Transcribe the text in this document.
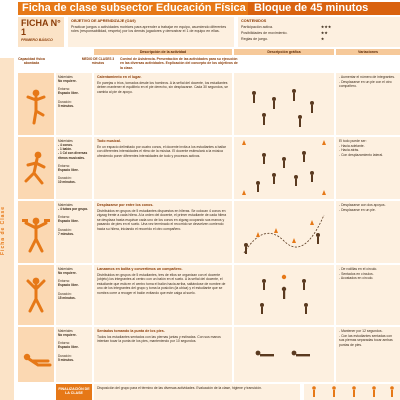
Ficha de clase subsector Educación Física Bloque de 45 minutos
FICHA N° 1
PRIMERO BÁSICO
OBJETIVO DE APRENDIZAJE (OA9)
Practicar juegos o actividades motrices para aprender a trabajar en equipo, asumiendo diferentes roles (responsabilidad, respeto) por los demás jugadores y demostrar el 1 de equipo en ellas.
CONTENIDOS
Participación activa.	★★★
Posibilidades de movimiento.	★★
Reglas de juego.	★
Descripción de la actividad	Descripción gráfica	Variaciones
Ficha de Clase
Capacidad física abordada
MEDIO DE CLASES 3 minutos
Control de Asistencia. Presentación de las actividades para su ejecución en las diversas actividades. Explicación del concepto de los objetivos de la clase.
Materiales
No requiere.
Entorno:
Espacio libre.
Duración:
5 minutos.
Calentamiento en el lugar.
En parejas o tríos, tomados desde los hombros. A la señal del docente, los estudiantes deben mantener el equilibrio en el pie derecho, sin desplazarse. Cada 30 segundos, se cambia al pie de apoyo.
- Aumentar el número de integrantes.
- Desplazarse en un pie con el otro compañero.
Materiales
- 4 conos.
- 1 balón.
- 1 Cd con diversas ritmos musicales.
Entorno:
Espacio libre.
Duración:
10 minutos.
Todo musical.
En un espacio delimitado por cuatro conos, el docente invita a los estudiantes a bailar con diferentes intensidades el ritmo de la música. El docente estimulará a la música ofreciendo poner diferentes intensidades de todo y procesos activos.
El todo puede ser:
- Hacia adelante.
- Hacia atrás.
- Con desplazamiento lateral.
Materiales
- 4 tubos por grupo.
Entorno:
Espacio libre.
Duración:
7 minutos.
Desplazarse por entre los conos.
Distribuidos en grupos de 5 estudiantes dispuestos en hileras. Se colocan 4 conos en zigzag frente a cada hilera. A la orden del docente, el primer estudiante de cada hilera se desplaza hasta esquivar cada uno de los conos en zigzag ocupando sus manos y pasando de pies en el suelo. Una vez terminado el recorrido se devuelven corriendo hacia su hilera, iniciando el recorrido el otro compañero.
- Desplazarse con dos apoyos.
- Desplazarse en un pie.
Materiales
No requiere.
Entorno:
Espacio libre.
Duración:
15 minutos.
Lanzamos en bolita y convertimos un compañero.
Distribuidos en grupos de 5 estudiantes, tres de ellos se organizan con el docente (objeto) los integrantes al centro con un balón en el suelo. A la señal del docente, el estudiante que está en el centro toma el balón hacia arriba, saltándose de nombre de uno de los integrantes del grupo y toma la posición (la ubica) y el estudiante que se nombra corre a recoger el balón evitando que este caiga al suelo.
- De rodillas en el círculo.
- Sentados en círculos.
- Acostados en círculo.
Materiales
No requiere.
Entorno:
Espacio libre.
Duración:
5 minutos.
Sentados tomando la punta de los pies.
Todos los estudiantes sentados con las piernas juntas y estiradas. Con sus manos intentan tocar la punta de los pies, manteniendo por 10 segundos.
- Mantener por 12 segundos.
- Con las estudiantes sentadas con sus piernas separadas tocar ambas puntas de pies.
FINALIZACIÓN DE LA CLASE
Disposición del grupo para el término de las diversas actividades. Evaluación de la clase, higiene y transición.
